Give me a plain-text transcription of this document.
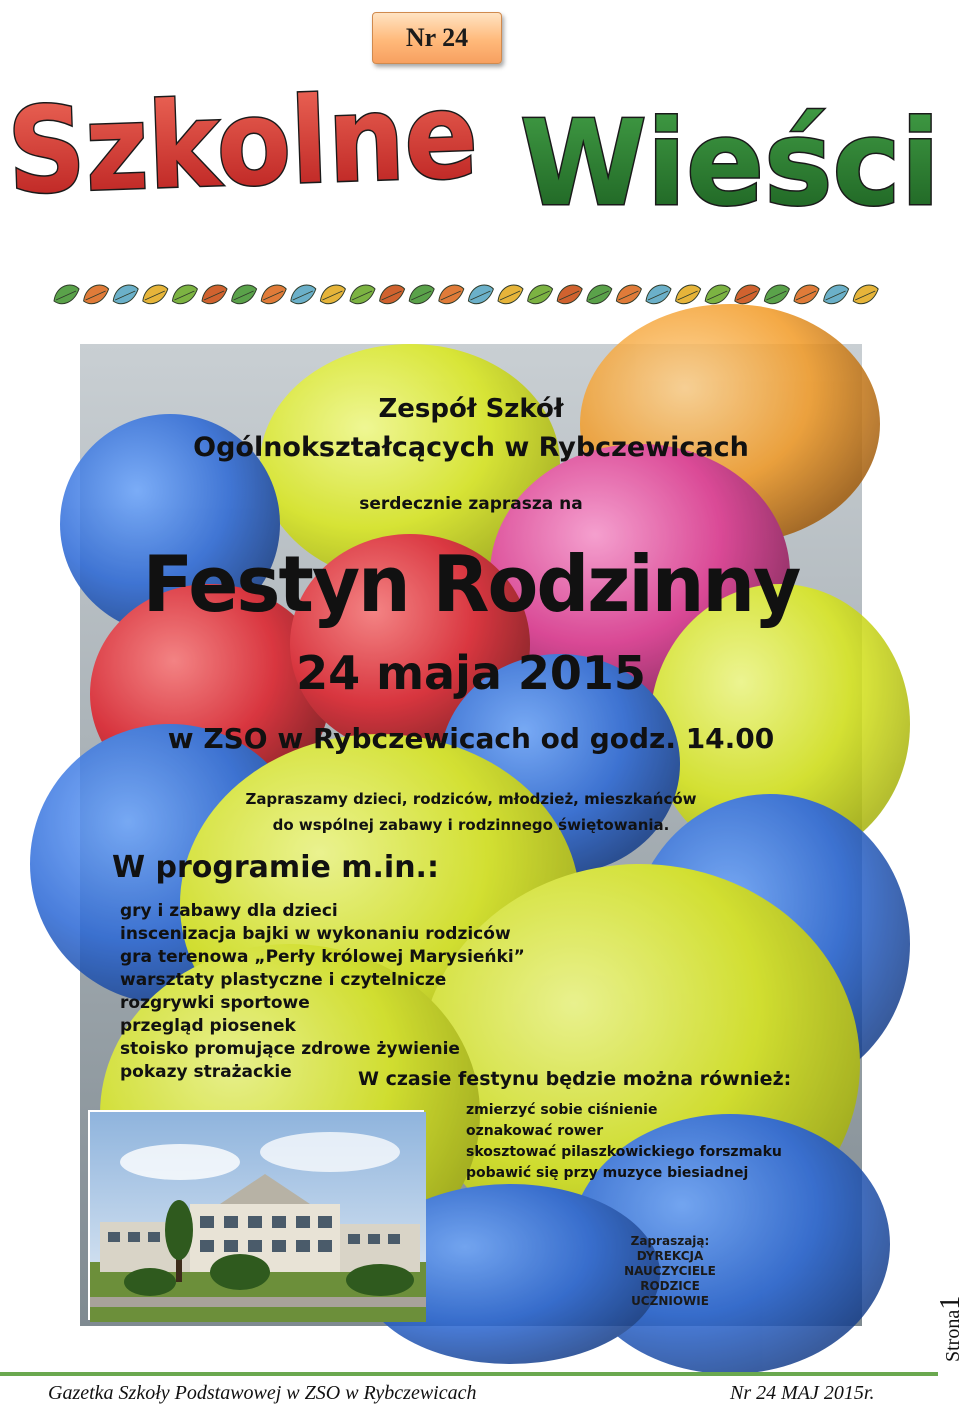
Nr 24
Szkolne
Wieści
Zespół Szkół
Ogólnokształcących w Rybczewicach
serdecznie zaprasza na
Festyn Rodzinny
24 maja 2015
w ZSO w Rybczewicach od godz. 14.00
Zapraszamy dzieci, rodziców, młodzież, mieszkańców
do wspólnej zabawy i rodzinnego świętowania.
W programie m.in.:
gry i zabawy dla dzieci
inscenizacja bajki w wykonaniu rodziców
gra terenowa „Perły królowej Marysieńki”
warsztaty plastyczne i czytelnicze
rozgrywki sportowe
przegląd piosenek
stoisko promujące zdrowe żywienie
pokazy strażackie	W czasie festynu będzie można również:
zmierzyć sobie ciśnienie
oznakować rower
skosztować pilaszkowickiego forszmaku
pobawić się przy muzyce biesiadnej
Zapraszają:
DYREKCJA
NAUCZYCIELE
RODZICE
UCZNIOWIE
Gazetka Szkoły Podstawowej w ZSO w Rybczewicach	Nr 24 MAJ 2015r.
Strona1
